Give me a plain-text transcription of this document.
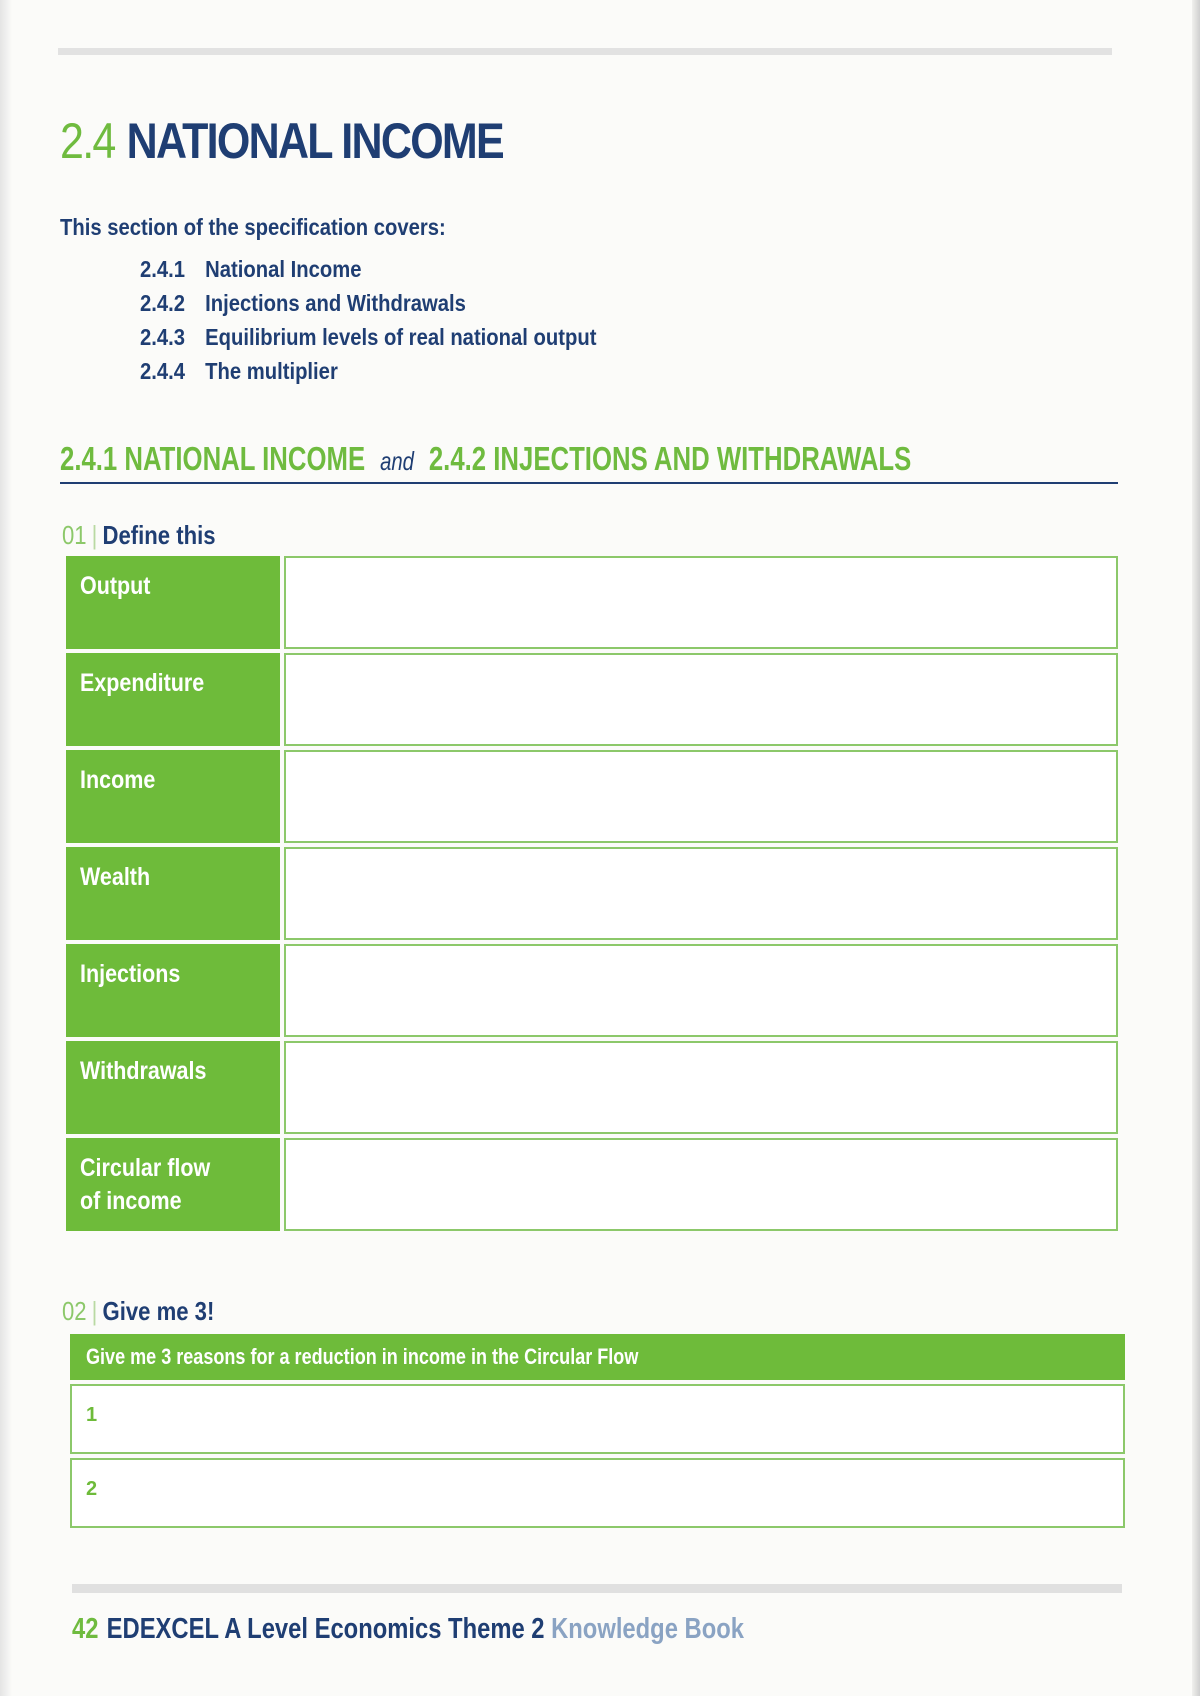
2.4 NATIONAL INCOME
This section of the specification covers:
2.4.1 National Income
2.4.2 Injections and Withdrawals
2.4.3 Equilibrium levels of real national output
2.4.4 The multiplier
2.4.1 NATIONAL INCOME and 2.4.2 INJECTIONS AND WITHDRAWALS
01 | Define this
Output
Expenditure
Income
Wealth
Injections
Withdrawals
Circular flow of income
02 | Give me 3!
Give me 3 reasons for a reduction in income in the Circular Flow
1
2
42 EDEXCEL A Level Economics Theme 2 Knowledge Book
